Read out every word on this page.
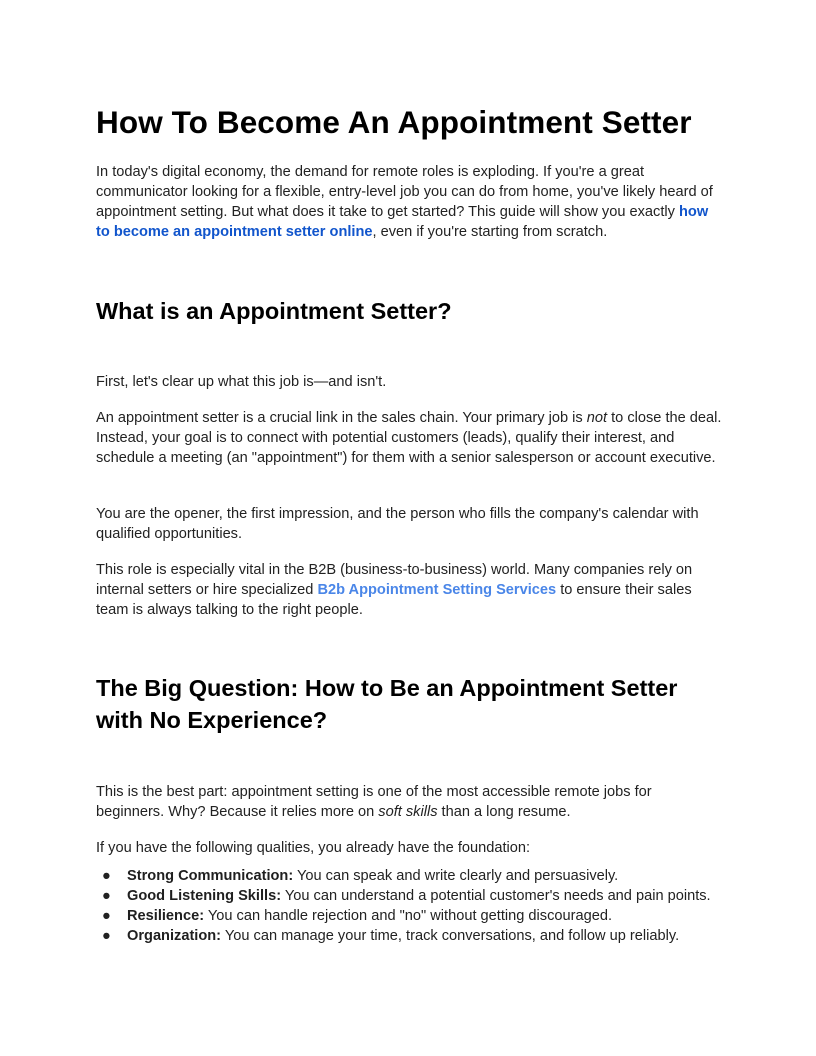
How To Become An Appointment Setter

In today's digital economy, the demand for remote roles is exploding. If you're a great communicator looking for a flexible, entry-level job you can do from home, you've likely heard of appointment setting. But what does it take to get started? This guide will show you exactly how to become an appointment setter online, even if you're starting from scratch.

What is an Appointment Setter?

First, let's clear up what this job is—and isn't.

An appointment setter is a crucial link in the sales chain. Your primary job is not to close the deal. Instead, your goal is to connect with potential customers (leads), qualify their interest, and schedule a meeting (an "appointment") for them with a senior salesperson or account executive.

You are the opener, the first impression, and the person who fills the company's calendar with qualified opportunities.

This role is especially vital in the B2B (business-to-business) world. Many companies rely on internal setters or hire specialized B2b Appointment Setting Services to ensure their sales team is always talking to the right people.

The Big Question: How to Be an Appointment Setter
with No Experience?

This is the best part: appointment setting is one of the most accessible remote jobs for beginners. Why? Because it relies more on soft skills than a long resume.

If you have the following qualities, you already have the foundation:

● Strong Communication: You can speak and write clearly and persuasively.
● Good Listening Skills: You can understand a potential customer's needs and pain points.
● Resilience: You can handle rejection and "no" without getting discouraged.
● Organization: You can manage your time, track conversations, and follow up reliably.
